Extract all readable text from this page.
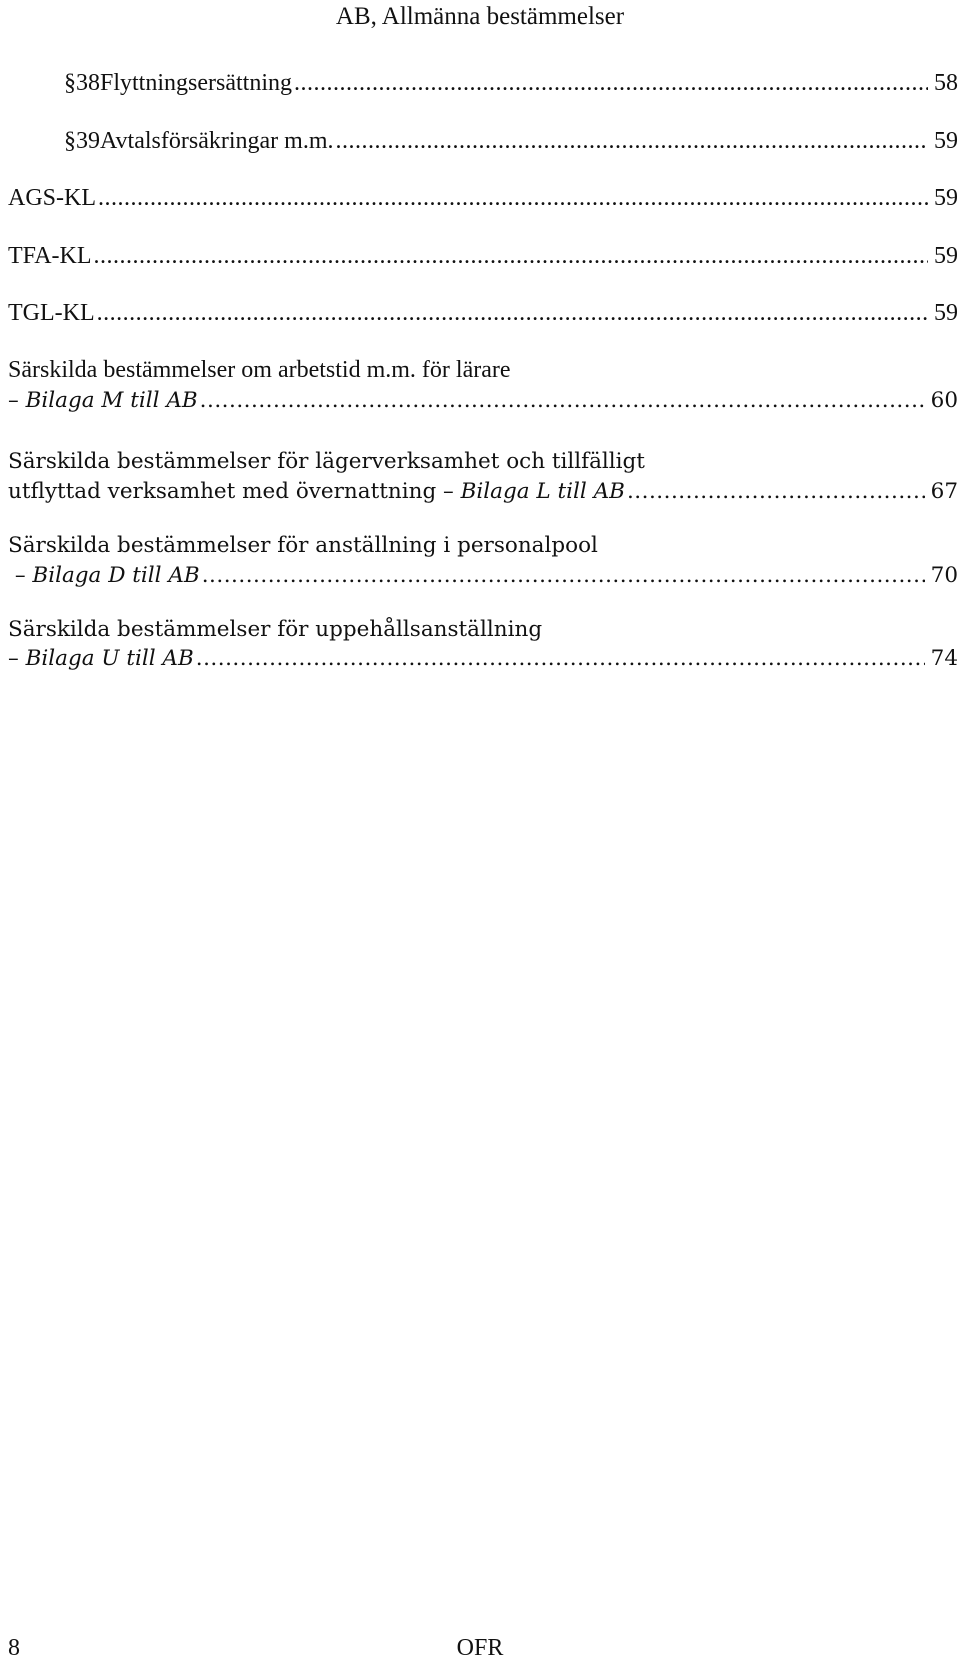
AB, Allmänna bestämmelser
§ 38 Flyttningsersättning .....	58
§ 39 Avtalsförsäkringar m.m. .....	59
AGS-KL .....	59
TFA-KL .....	59
TGL-KL .....	59
Särskilda bestämmelser om arbetstid m.m. för lärare
– Bilaga M till AB .....	60
Särskilda bestämmelser för lägerverksamhet och tillfälligt
utflyttad verksamhet med övernattning – Bilaga L till AB .....	67
Särskilda bestämmelser för anställning i personalpool
– Bilaga D till AB .....	70
Särskilda bestämmelser för uppehållsanställning
– Bilaga U till AB .....	74
8	OFR
